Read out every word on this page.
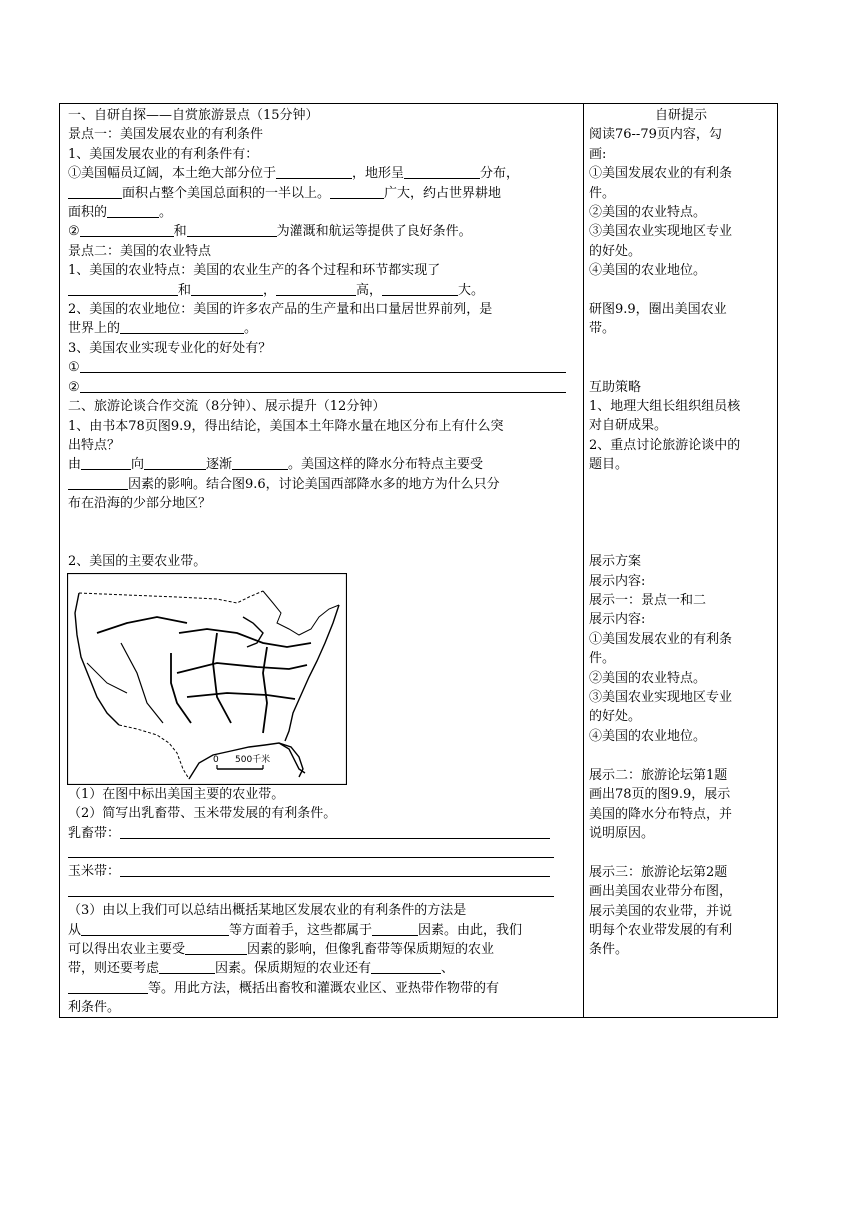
一、自研自探——自赏旅游景点（15分钟）
景点一：美国发展农业的有利条件
1、美国发展农业的有利条件有：
①美国幅员辽阔，本土绝大部分位于	，地形呈	分布，
面积占整个美国总面积的一半以上。	广大，约占世界耕地
面积的	。
②	和	为灌溉和航运等提供了良好条件。
景点二：美国的农业特点
1、美国的农业特点：美国的农业生产的各个过程和环节都实现了
和	，	高，	大。
2、美国的农业地位：美国的许多农产品的生产量和出口量居世界前列，是
世界上的	。
3、美国农业实现专业化的好处有？
①
②
二、旅游论谈合作交流（8分钟）、展示提升（12分钟）
1、由书本78页图9.9，得出结论，美国本土年降水量在地区分布上有什么突
出特点？
由	向	逐渐	。美国这样的降水分布特点主要受
因素的影响。结合图9.6，讨论美国西部降水多的地方为什么只分
布在沿海的少部分地区？
2、美国的主要农业带。
0 500千米
（1）在图中标出美国主要的农业带。
（2）简写出乳畜带、玉米带发展的有利条件。
乳畜带：
玉米带：
（3）由以上我们可以总结出概括某地区发展农业的有利条件的方法是
从	等方面着手，这些都属于	因素。由此，我们
可以得出农业主要受	因素的影响，但像乳畜带等保质期短的农业
带，则还要考虑	因素。保质期短的农业还有	、
等。用此方法，概括出畜牧和灌溉农业区、亚热带作物带的有
利条件。
自研提示
阅读76--79页内容，勾
画:
①美国发展农业的有利条
件。
②美国的农业特点。
③美国农业实现地区专业
的好处。
④美国的农业地位。
研图9.9，圈出美国农业
带。
互助策略
1、地理大组长组织组员核
对自研成果。
2、重点讨论旅游论谈中的
题目。
展示方案
展示内容:
展示一：景点一和二
展示内容:
①美国发展农业的有利条
件。
②美国的农业特点。
③美国农业实现地区专业
的好处。
④美国的农业地位。
展示二：旅游论坛第1题
画出78页的图9.9，展示
美国的降水分布特点，并
说明原因。
展示三：旅游论坛第2题
画出美国农业带分布图，
展示美国的农业带，并说
明每个农业带发展的有利
条件。
